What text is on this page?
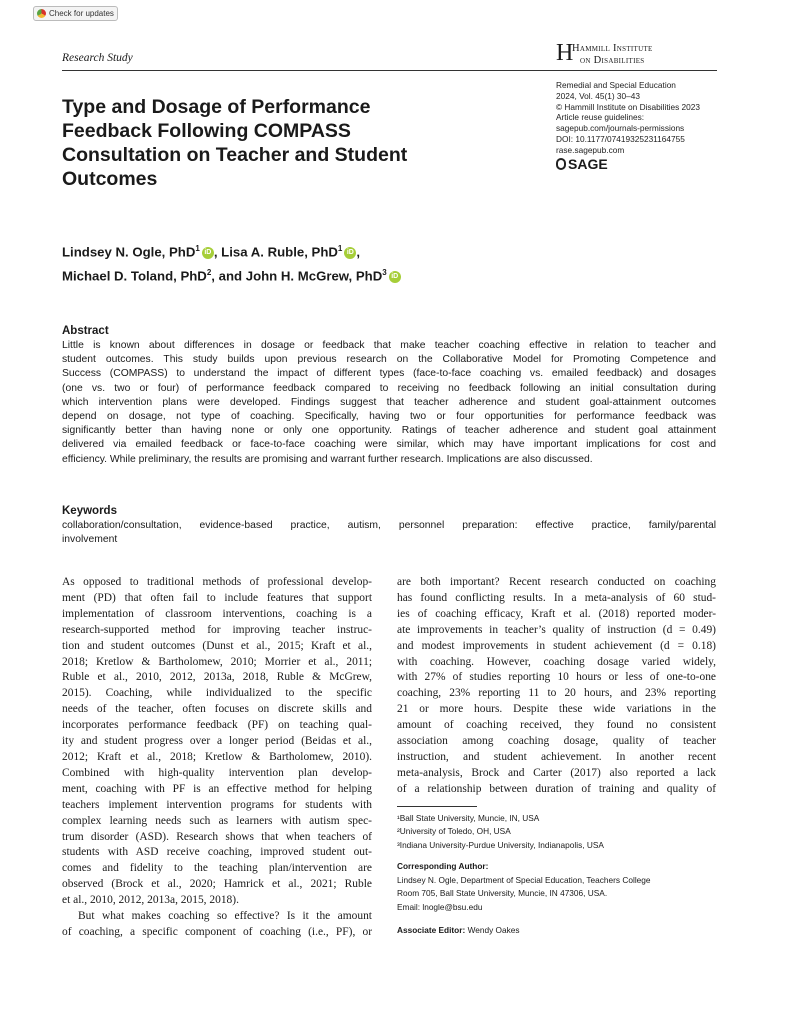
Check for updates
Research Study	H
Hammill Institute
on Disabilities
Remedial and Special Education
2024, Vol. 45(1) 30–43
© Hammill Institute on Disabilities 2023
Article reuse guidelines:
sagepub.com/journals-permissions
DOI: 10.1177/07419325231164755
rase.sagepub.com
SAGE
Type and Dosage of Performance
Feedback Following COMPASS
Consultation on Teacher and Student
Outcomes
Lindsey N. Ogle, PhD$^1$ iD , Lisa A. Ruble, PhD$^1$ iD ,
Michael D. Toland, PhD$^2$, and John H. McGrew, PhD$^3$ iD
Abstract
Little is known about differences in dosage or feedback that make teacher coaching effective in relation to teacher and
student outcomes. This study builds upon previous research on the Collaborative Model for Promoting Competence and
Success (COMPASS) to understand the impact of different types (face-to-face coaching vs. emailed feedback) and dosages
(one vs. two or four) of performance feedback compared to receiving no feedback following an initial consultation during
which intervention plans were developed. Findings suggest that teacher adherence and student goal-attainment outcomes
depend on dosage, not type of coaching. Specifically, having two or four opportunities for performance feedback was
significantly better than having none or only one opportunity. Ratings of teacher adherence and student goal attainment
delivered via emailed feedback or face-to-face coaching were similar, which may have important implications for cost and
efficiency. While preliminary, the results are promising and warrant further research. Implications are also discussed.
Keywords
collaboration/consultation, evidence-based practice, autism, personnel preparation: effective practice, family/parental
involvement
As opposed to traditional methods of professional develop-
ment (PD) that often fail to include features that support
implementation of classroom interventions, coaching is a
research-supported method for improving teacher instruc-
tion and student outcomes (Dunst et al., 2015; Kraft et al.,
2018; Kretlow & Bartholomew, 2010; Morrier et al., 2011;
Ruble et al., 2010, 2012, 2013a, 2018, Ruble & McGrew,
2015). Coaching, while individualized to the specific
needs of the teacher, often focuses on discrete skills and
incorporates performance feedback (PF) on teaching qual-
ity and student progress over a longer period (Beidas et al.,
2012; Kraft et al., 2018; Kretlow & Bartholomew, 2010).
Combined with high-quality intervention plan develop-
ment, coaching with PF is an effective method for helping
teachers implement intervention programs for students with
complex learning needs such as learners with autism spec-
trum disorder (ASD). Research shows that when teachers of
students with ASD receive coaching, improved student out-
comes and fidelity to the teaching plan/intervention are
observed (Brock et al., 2020; Hamrick et al., 2021; Ruble
et al., 2010, 2012, 2013a, 2015, 2018).
But what makes coaching so effective? Is it the amount
of coaching, a specific component of coaching (i.e., PF), or
are both important? Recent research conducted on coaching
has found conflicting results. In a meta-analysis of 60 stud-
ies of coaching efficacy, Kraft et al. (2018) reported moder-
ate improvements in teacher’s quality of instruction (d = 0.49)
and modest improvements in student achievement (d = 0.18)
with coaching. However, coaching dosage varied widely,
with 27% of studies reporting 10 hours or less of one-to-one
coaching, 23% reporting 11 to 20 hours, and 23% reporting
21 or more hours. Despite these wide variations in the
amount of coaching received, they found no consistent
association among coaching dosage, quality of teacher
instruction, and student achievement. In another recent
meta-analysis, Brock and Carter (2017) also reported a lack
of a relationship between duration of training and quality of
¹Ball State University, Muncie, IN, USA
²University of Toledo, OH, USA
³Indiana University-Purdue University, Indianapolis, USA
Corresponding Author:
Lindsey N. Ogle, Department of Special Education, Teachers College
Room 705, Ball State University, Muncie, IN 47306, USA.
Email: lnogle@bsu.edu
Associate Editor: Wendy Oakes
